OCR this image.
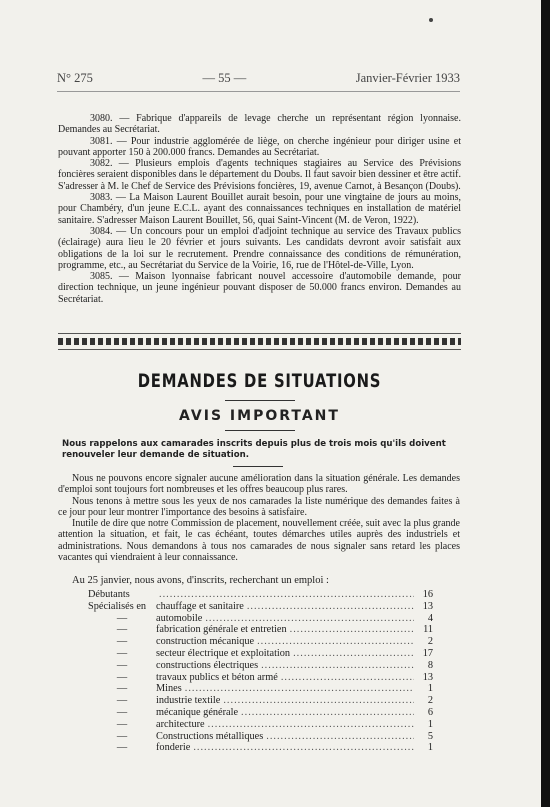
N° 275	— 55 —	Janvier-Février 1933

3080. — Fabrique d'appareils de levage cherche un représentant région lyonnaise. Demandes au Secrétariat.

3081. — Pour industrie agglomérée de liège, on cherche ingénieur pour diriger usine et pouvant apporter 150 à 200.000 francs. Demandes au Secrétariat.

3082. — Plusieurs emplois d'agents techniques stagiaires au Service des Prévisions foncières seraient disponibles dans le département du Doubs. Il faut savoir bien dessiner et être actif. S'adresser à M. le Chef de Service des Prévisions foncières, 19, avenue Carnot, à Besançon (Doubs).

3083. — La Maison Laurent Bouillet aurait besoin, pour une vingtaine de jours au moins, pour Chambéry, d'un jeune E.C.L. ayant des connaissances techniques en installation de matériel sanitaire. S'adresser Maison Laurent Bouillet, 56, quai Saint-Vincent (M. de Veron, 1922).

3084. — Un concours pour un emploi d'adjoint technique au service des Travaux publics (éclairage) aura lieu le 20 février et jours suivants. Les candidats devront avoir satisfait aux obligations de la loi sur le recrutement. Prendre connaissance des conditions de rémunération, programme, etc., au Secrétariat du Service de la Voirie, 16, rue de l'Hôtel-de-Ville, Lyon.

3085. — Maison lyonnaise fabricant nouvel accessoire d'automobile demande, pour direction technique, un jeune ingénieur pouvant disposer de 50.000 francs environ. Demandes au Secrétariat.

DEMANDES DE SITUATIONS
AVIS IMPORTANT

Nous rappelons aux camarades inscrits depuis plus de trois mois qu'ils doivent renouveler leur demande de situation.

Nous ne pouvons encore signaler aucune amélioration dans la situation générale. Les demandes d'emploi sont toujours fort nombreuses et les offres beaucoup plus rares.

Nous tenons à mettre sous les yeux de nos camarades la liste numérique des demandes faites à ce jour pour leur montrer l'importance des besoins à satisfaire.

Inutile de dire que notre Commission de placement, nouvellement créée, suit avec la plus grande attention la situation, et fait, le cas échéant, toutes démarches utiles auprès des industriels et administrations. Nous demandons à tous nos camarades de nous signaler sans retard les places vacantes qui viendraient à leur connaissance.

Au 25 janvier, nous avons, d'inscrits, recherchant un emploi :
Débutants .....	16
Spécialisés en chauffage et sanitaire .....	13
—	automobile .....	4
—	fabrication générale et entretien .....	11
—	construction mécanique .....	2
—	secteur électrique et exploitation .....	17
—	constructions électriques .....	8
—	travaux publics et béton armé .....	13
—	Mines .....	1
—	industrie textile .....	2
—	mécanique générale .....	6
—	architecture .....	1
—	Constructions métalliques .....	5
—	fonderie .....	1
